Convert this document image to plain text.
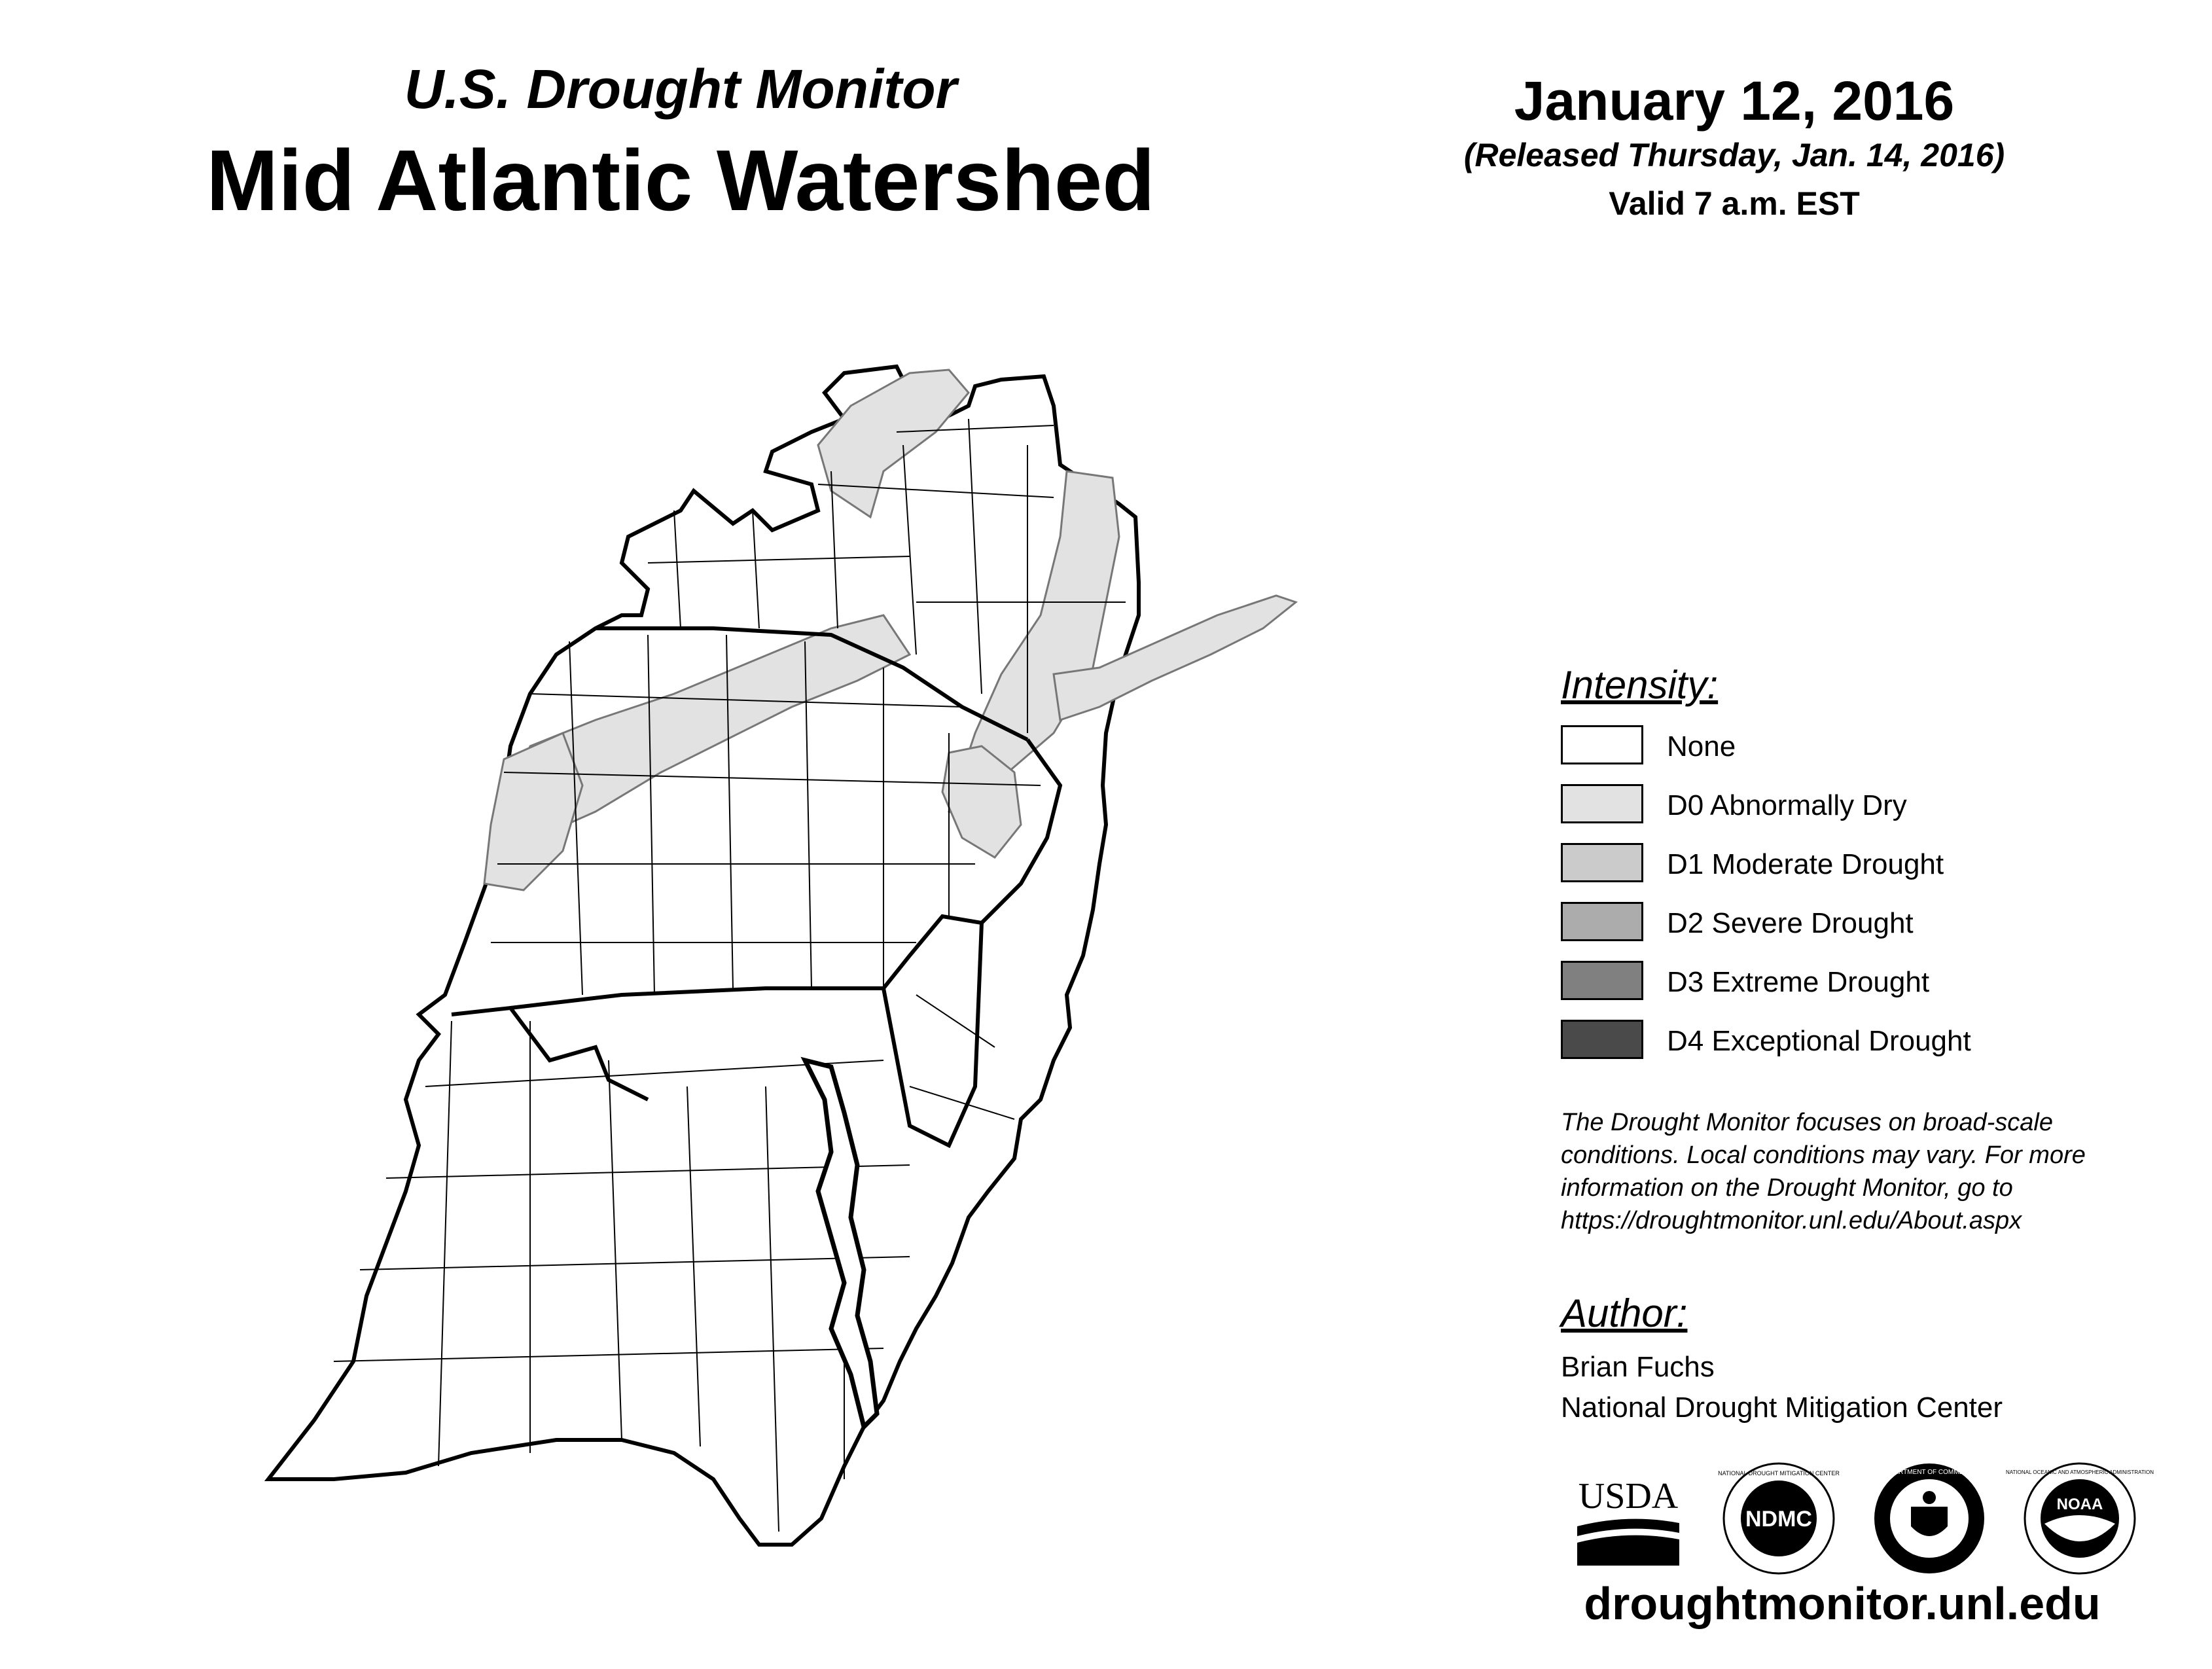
U.S. Drought Monitor
Mid Atlantic Watershed
January 12, 2016
(Released Thursday, Jan. 14, 2016)
Valid 7 a.m. EST
Intensity:
None
D0 Abnormally Dry
D1 Moderate Drought
D2 Severe Drought
D3 Extreme Drought
D4 Exceptional Drought
The Drought Monitor focuses on broad-scale
conditions. Local conditions may vary. For more
information on the Drought Monitor, go to
https://droughtmonitor.unl.edu/About.aspx
Author:
Brian Fuchs
National Drought Mitigation Center
USDA
NDMC
NATIONAL DROUGHT MITIGATION CENTER	DEPARTMENT OF COMMERCE
NOAA
NATIONAL OCEANIC AND ATMOSPHERIC ADMINISTRATION
droughtmonitor.unl.edu
